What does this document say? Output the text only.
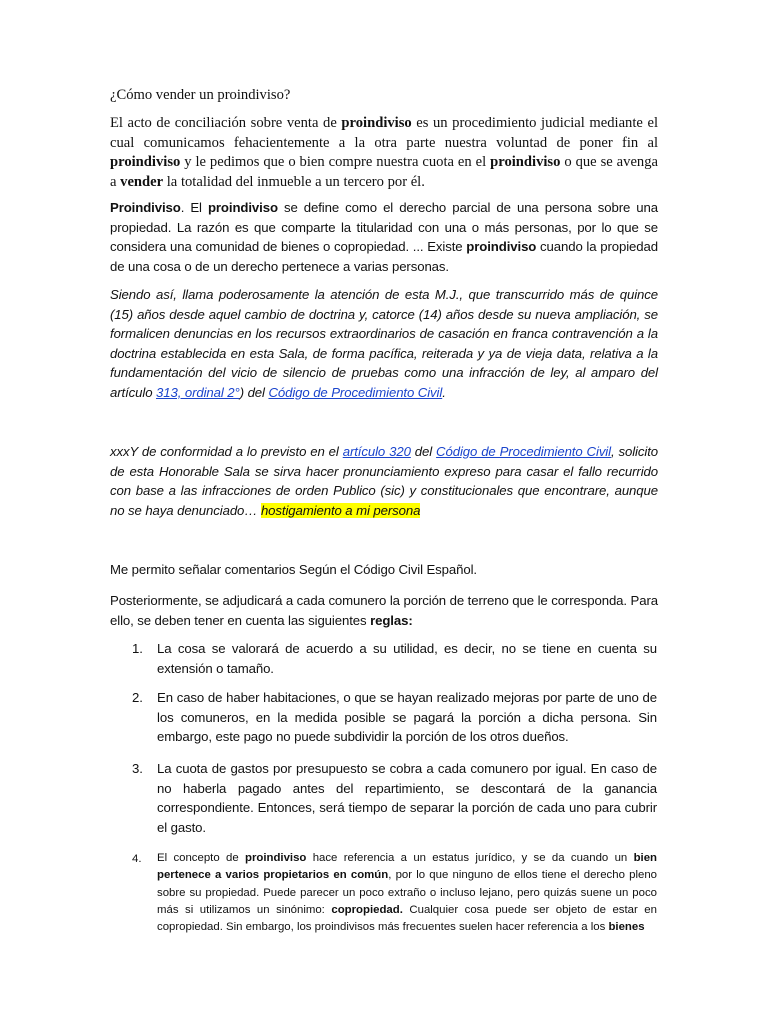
¿Cómo vender un proindiviso?

El acto de conciliación sobre venta de proindiviso es un procedimiento judicial mediante el cual comunicamos fehacientemente a la otra parte nuestra voluntad de poner fin al proindiviso y le pedimos que o bien compre nuestra cuota en el proindiviso o que se avenga a vender la totalidad del inmueble a un tercero por él.

Proindiviso. El proindiviso se define como el derecho parcial de una persona sobre una propiedad. La razón es que comparte la titularidad con una o más personas, por lo que se considera una comunidad de bienes o copropiedad. ... Existe proindiviso cuando la propiedad de una cosa o de un derecho pertenece a varias personas.

Siendo así, llama poderosamente la atención de esta M.J., que transcurrido más de quince (15) años desde aquel cambio de doctrina y, catorce (14) años desde su nueva ampliación, se formalicen denuncias en los recursos extraordinarios de casación en franca contravención a la doctrina establecida en esta Sala, de forma pacífica, reiterada y ya de vieja data, relativa a la fundamentación del vicio de silencio de pruebas como una infracción de ley, al amparo del artículo 313, ordinal 2°) del Código de Procedimiento Civil.

xxxY de conformidad a lo previsto en el artículo 320 del Código de Procedimiento Civil, solicito de esta Honorable Sala se sirva hacer pronunciamiento expreso para casar el fallo recurrido con base a las infracciones de orden Publico (sic) y constitucionales que encontrare, aunque no se haya denunciado… hostigamiento a mi persona

Me permito señalar comentarios Según el Código Civil Español.

Posteriormente, se adjudicará a cada comunero la porción de terreno que le corresponda. Para ello, se deben tener en cuenta las siguientes reglas:

1. La cosa se valorará de acuerdo a su utilidad, es decir, no se tiene en cuenta su extensión o tamaño.
2. En caso de haber habitaciones, o que se hayan realizado mejoras por parte de uno de los comuneros, en la medida posible se pagará la porción a dicha persona. Sin embargo, este pago no puede subdividir la porción de los otros dueños.
3. La cuota de gastos por presupuesto se cobra a cada comunero por igual. En caso de no haberla pagado antes del repartimiento, se descontará de la ganancia correspondiente. Entonces, será tiempo de separar la porción de cada uno para cubrir el gasto.
4. El concepto de proindiviso hace referencia a un estatus jurídico, y se da cuando un bien pertenece a varios propietarios en común, por lo que ninguno de ellos tiene el derecho pleno sobre su propiedad. Puede parecer un poco extraño o incluso lejano, pero quizás suene un poco más si utilizamos un sinónimo: copropiedad. Cualquier cosa puede ser objeto de estar en copropiedad. Sin embargo, los proindivisos más frecuentes suelen hacer referencia a los bienes
